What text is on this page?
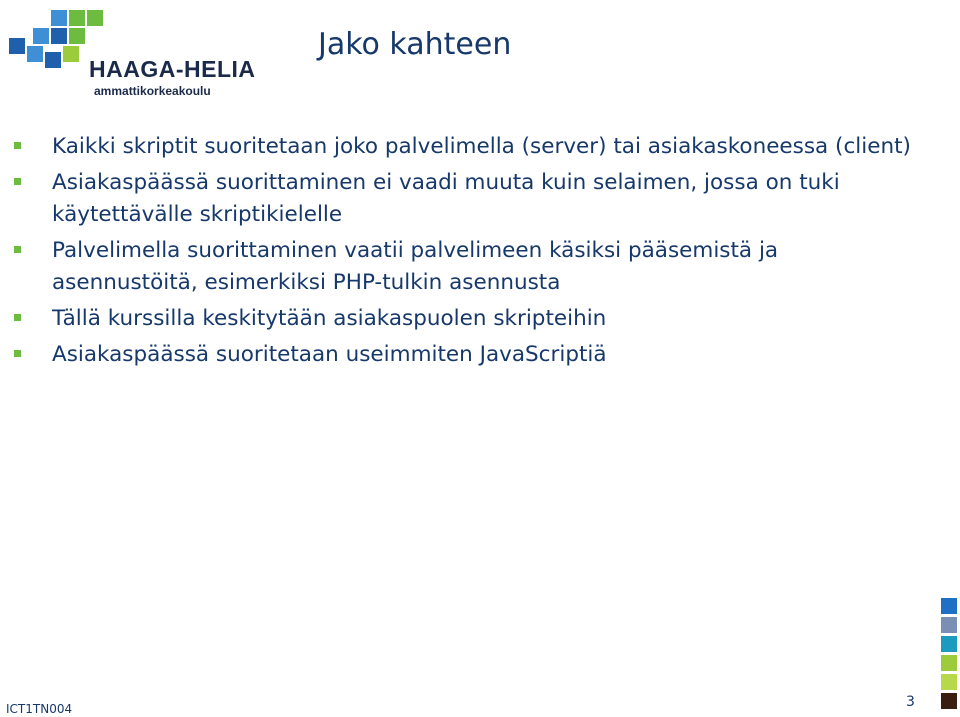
HAAGA-HELIA
ammattikorkeakoulu
Jako kahteen
Kaikki skriptit suoritetaan joko palvelimella (server) tai asiakaskoneessa (client)
Asiakaspäässä suorittaminen ei vaadi muuta kuin selaimen, jossa on tuki käytettävälle skriptikielelle
Palvelimella suorittaminen vaatii palvelimeen käsiksi pääsemistä ja asennustöitä, esimerkiksi PHP-tulkin asennusta
Tällä kurssilla keskitytään asiakaspuolen skripteihin
Asiakaspäässä suoritetaan useimmiten JavaScriptiä
ICT1TN004	3
